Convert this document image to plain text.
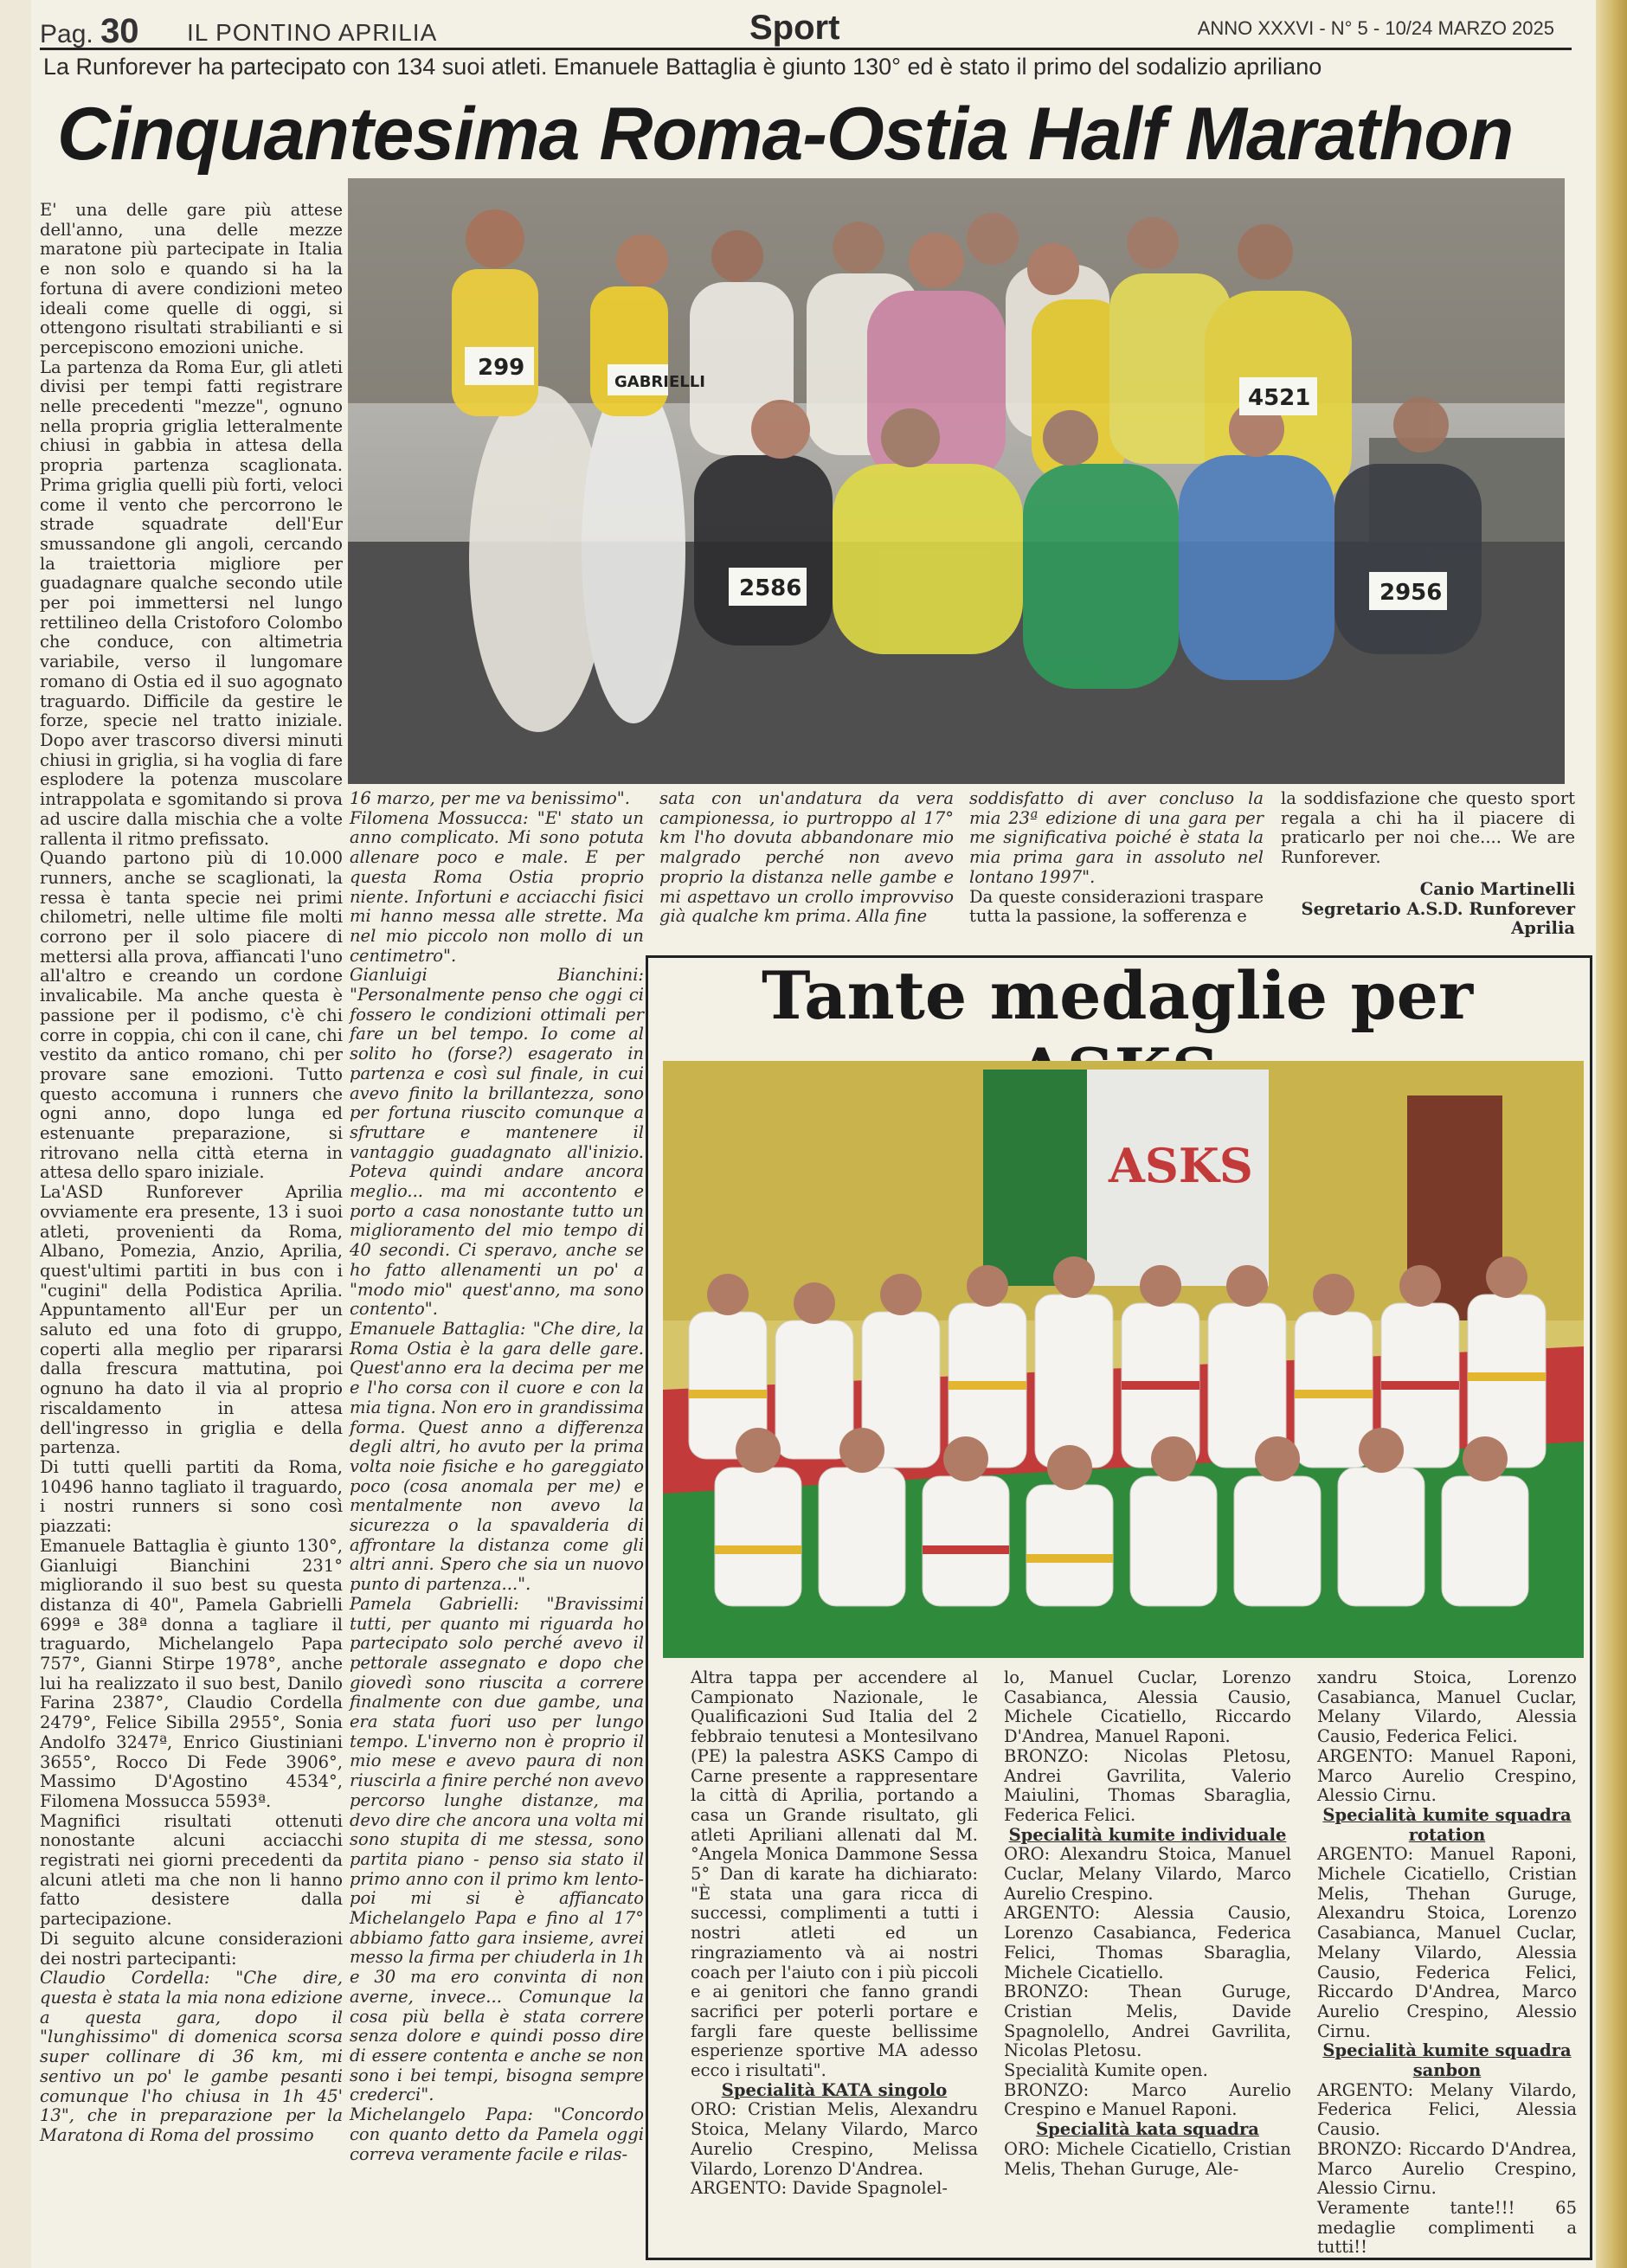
Pag. 30 IL PONTINO APRILIA	Sport	ANNO XXXVI - N° 5 - 10/24 MARZO 2025
La Runforever ha partecipato con 134 suoi atleti. Emanuele Battaglia è giunto 130° ed è stato il primo del sodalizio apriliano
Cinquantesima Roma-Ostia Half Marathon

E' una delle gare più attese dell'anno, una delle mezze maratone più partecipate in Italia e non solo e quando si ha la fortuna di avere condizioni meteo ideali come quelle di oggi, si ottengono risultati strabilianti e si percepiscono emozioni uniche.

La partenza da Roma Eur, gli atleti divisi per tempi fatti registrare nelle precedenti "mezze", ognuno nella propria griglia letteralmente chiusi in gabbia in attesa della propria partenza scaglionata. Prima griglia quelli più forti, veloci come il vento che percorrono le strade squadrate dell'Eur smussandone gli angoli, cercando la traiettoria migliore per guadagnare qualche secondo utile per poi immettersi nel lungo rettilineo della Cristoforo Colombo che conduce, con altimetria variabile, verso il lungomare romano di Ostia ed il suo agognato traguardo. Difficile da gestire le forze, specie nel tratto iniziale. Dopo aver trascorso diversi minuti chiusi in griglia, si ha voglia di fare esplodere la potenza muscolare intrappolata e sgomitando si prova ad uscire dalla mischia che a volte rallenta il ritmo prefissato.

Quando partono più di 10.000 runners, anche se scaglionati, la ressa è tanta specie nei primi chilometri, nelle ultime file molti corrono per il solo piacere di mettersi alla prova, affiancati l'uno all'altro e creando un cordone invalicabile. Ma anche questa è passione per il podismo, c'è chi corre in coppia, chi con il cane, chi vestito da antico romano, chi per provare sane emozioni. Tutto questo accomuna i runners che ogni anno, dopo lunga ed estenuante preparazione, si ritrovano nella città eterna in attesa dello sparo iniziale.

La'ASD Runforever Aprilia ovviamente era presente, 13 i suoi atleti, provenienti da Roma, Albano, Pomezia, Anzio, Aprilia, quest'ultimi partiti in bus con i "cugini" della Podistica Aprilia. Appuntamento all'Eur per un saluto ed una foto di gruppo, coperti alla meglio per ripararsi dalla frescura mattutina, poi ognuno ha dato il via al proprio riscaldamento in attesa dell'ingresso in griglia e della partenza.

Di tutti quelli partiti da Roma, 10496 hanno tagliato il traguardo, i nostri runners si sono così piazzati:

Emanuele Battaglia è giunto 130°, Gianluigi Bianchini 231° migliorando il suo best su questa distanza di 40", Pamela Gabrielli 699ª e 38ª donna a tagliare il traguardo, Michelangelo Papa 757°, Gianni Stirpe 1978°, anche lui ha realizzato il suo best, Danilo Farina 2387°, Claudio Cordella 2479°, Felice Sibilla 2955°, Sonia Andolfo 3247ª, Enrico Giustiniani 3655°, Rocco Di Fede 3906°, Massimo D'Agostino 4534°, Filomena Mossucca 5593ª.

Magnifici risultati ottenuti nonostante alcuni acciacchi registrati nei giorni precedenti da alcuni atleti ma che non li hanno fatto desistere dalla partecipazione.

Di seguito alcune considerazioni dei nostri partecipanti:

Claudio Cordella: "Che dire, questa è stata la mia nona edizione a questa gara, dopo il "lunghissimo" di domenica scorsa super collinare di 36 km, mi sentivo un po' le gambe pesanti comunque l'ho chiusa in 1h 45' 13", che in preparazione per la Maratona di Roma del prossimo

299
GABRIELLI
4521
2586	2956

16 marzo, per me va benissimo".

Filomena Mossucca: "E' stato un anno complicato. Mi sono potuta allenare poco e male. E per questa Roma Ostia proprio niente. Infortuni e acciacchi fisici mi hanno messa alle strette. Ma nel mio piccolo non mollo di un centimetro".

Gianluigi Bianchini: "Personalmente penso che oggi ci fossero le condizioni ottimali per fare un bel tempo. Io come al solito ho (forse?) esagerato in partenza e così sul finale, in cui avevo finito la brillantezza, sono per fortuna riuscito comunque a sfruttare e mantenere il vantaggio guadagnato all'inizio. Poteva quindi andare ancora meglio... ma mi accontento e porto a casa nonostante tutto un miglioramento del mio tempo di 40 secondi. Ci speravo, anche se ho fatto allenamenti un po' a "modo mio" quest'anno, ma sono contento".

Emanuele Battaglia: "Che dire, la Roma Ostia è la gara delle gare. Quest'anno era la decima per me e l'ho corsa con il cuore e con la mia tigna. Non ero in grandissima forma. Quest anno a differenza degli altri, ho avuto per la prima volta noie fisiche e ho gareggiato poco (cosa anomala per me) e mentalmente non avevo la sicurezza o la spavalderia di affrontare la distanza come gli altri anni. Spero che sia un nuovo punto di partenza...".

Pamela Gabrielli: "Bravissimi tutti, per quanto mi riguarda ho partecipato solo perché avevo il pettorale assegnato e dopo che giovedì sono riuscita a correre finalmente con due gambe, una era stata fuori uso per lungo tempo. L'inverno non è proprio il mio mese e avevo paura di non riuscirla a finire perché non avevo percorso lunghe distanze, ma devo dire che ancora una volta mi sono stupita di me stessa, sono partita piano - penso sia stato il primo anno con il primo km lento- poi mi si è affiancato Michelangelo Papa e fino al 17° abbiamo fatto gara insieme, avrei messo la firma per chiuderla in 1h e 30 ma ero convinta di non averne, invece... Comunque la cosa più bella è stata correre senza dolore e quindi posso dire di essere contenta e anche se non sono i bei tempi, bisogna sempre crederci".

Michelangelo Papa: "Concordo con quanto detto da Pamela oggi correva veramente facile e rilas-

sata con un'andatura da vera campionessa, io purtroppo al 17° km l'ho dovuta abbandonare mio malgrado perché non avevo proprio la distanza nelle gambe e mi aspettavo un crollo improvviso già qualche km prima. Alla fine

soddisfatto di aver concluso la mia 23ª edizione di una gara per me significativa poiché è stata la mia prima gara in assoluto nel lontano 1997".

Da queste considerazioni traspare tutta la passione, la sofferenza e

la soddisfazione che questo sport regala a chi ha il piacere di praticarlo per noi che.... We are Runforever.

Canio Martinelli

Segretario A.S.D. Runforever

Aprilia

Tante medaglie per
ASKS

Altra tappa per accendere al Campionato Nazionale, le Qualificazioni Sud Italia del 2 febbraio tenutesi a Montesilvano (PE) la palestra ASKS Campo di Carne presente a rappresentare la città di Aprilia, portando a casa un Grande risultato, gli atleti Apriliani allenati dal M.°Angela Monica Dammone Sessa 5° Dan di karate ha dichiarato: "È stata una gara ricca di successi, complimenti a tutti i nostri atleti ed un ringraziamento và ai nostri coach per l'aiuto con i più piccoli e ai genitori che fanno grandi sacrifici per poterli portare e fargli fare queste bellissime esperienze sportive MA adesso ecco i risultati".

Specialità KATA singolo

ORO: Cristian Melis, Alexandru Stoica, Melany Vilardo, Marco Aurelio Crespino, Melissa Vilardo, Lorenzo D'Andrea.

ARGENTO: Davide Spagnolel-

lo, Manuel Cuclar, Lorenzo Casabianca, Alessia Causio, Michele Cicatiello, Riccardo D'Andrea, Manuel Raponi.

BRONZO: Nicolas Pletosu, Andrei Gavrilita, Valerio Maiulini, Thomas Sbaraglia, Federica Felici.

Specialità kumite individuale

ORO: Alexandru Stoica, Manuel Cuclar, Melany Vilardo, Marco Aurelio Crespino.

ARGENTO: Alessia Causio, Lorenzo Casabianca, Federica Felici, Thomas Sbaraglia, Michele Cicatiello.

BRONZO: Thean Guruge, Cristian Melis, Davide Spagnolello, Andrei Gavrilita, Nicolas Pletosu.

Specialità Kumite open.

BRONZO: Marco Aurelio Crespino e Manuel Raponi.

Specialità kata squadra

ORO: Michele Cicatiello, Cristian Melis, Thehan Guruge, Ale-

xandru Stoica, Lorenzo Casabianca, Manuel Cuclar, Melany Vilardo, Alessia Causio, Federica Felici.

ARGENTO: Manuel Raponi, Marco Aurelio Crespino, Alessio Cirnu.

Specialità kumite squadra rotation

ARGENTO: Manuel Raponi, Michele Cicatiello, Cristian Melis, Thehan Guruge, Alexandru Stoica, Lorenzo Casabianca, Manuel Cuclar, Melany Vilardo, Alessia Causio, Federica Felici, Riccardo D'Andrea, Marco Aurelio Crespino, Alessio Cirnu.

Specialità kumite squadra sanbon

ARGENTO: Melany Vilardo, Federica Felici, Alessia Causio.

BRONZO: Riccardo D'Andrea, Marco Aurelio Crespino, Alessio Cirnu.

Veramente tante!!! 65 medaglie complimenti a tutti!!
